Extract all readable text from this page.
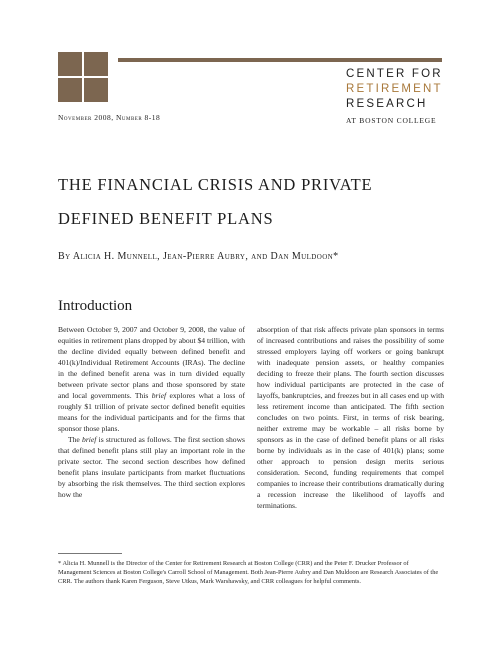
CENTER FOR
RETIREMENT
RESEARCH
AT BOSTON COLLEGE
November 2008, Number 8-18
THE FINANCIAL CRISIS AND PRIVATE
DEFINED BENEFIT PLANS
By Alicia H. Munnell, Jean-Pierre Aubry, and Dan Muldoon*
Introduction

Between October 9, 2007 and October 9, 2008, the value of equities in retirement plans dropped by about $4 trillion, with the decline divided equally between defined benefit and 401(k)/Individual Retirement Accounts (IRAs). The decline in the defined benefit arena was in turn divided equally between private sector plans and those sponsored by state and local governments. This brief explores what a loss of roughly $1 trillion of private sector defined benefit equities means for the individual participants and for the firms that sponsor those plans.

The brief is structured as follows. The first section shows that defined benefit plans still play an important role in the private sector. The second section describes how defined benefit plans insulate participants from market fluctuations by absorbing the risk themselves. The third section explores how the

absorption of that risk affects private plan sponsors in terms of increased contributions and raises the possibility of some stressed employers laying off workers or going bankrupt with inadequate pension assets, or healthy companies deciding to freeze their plans. The fourth section discusses how individual participants are protected in the case of layoffs, bankruptcies, and freezes but in all cases end up with less retirement income than anticipated. The fifth section concludes on two points. First, in terms of risk bearing, neither extreme may be workable – all risks borne by sponsors as in the case of defined benefit plans or all risks borne by individuals as in the case of 401(k) plans; some other approach to pension design merits serious consideration. Second, funding requirements that compel companies to increase their contributions dramatically during a recession increase the likelihood of layoffs and terminations.

* Alicia H. Munnell is the Director of the Center for Retirement Research at Boston College (CRR) and the Peter F. Drucker Professor of Management Sciences at Boston College's Carroll School of Management. Both Jean-Pierre Aubry and Dan Muldoon are Research Associates of the CRR. The authors thank Karen Ferguson, Steve Utkus, Mark Warshawsky, and CRR colleagues for helpful comments.
